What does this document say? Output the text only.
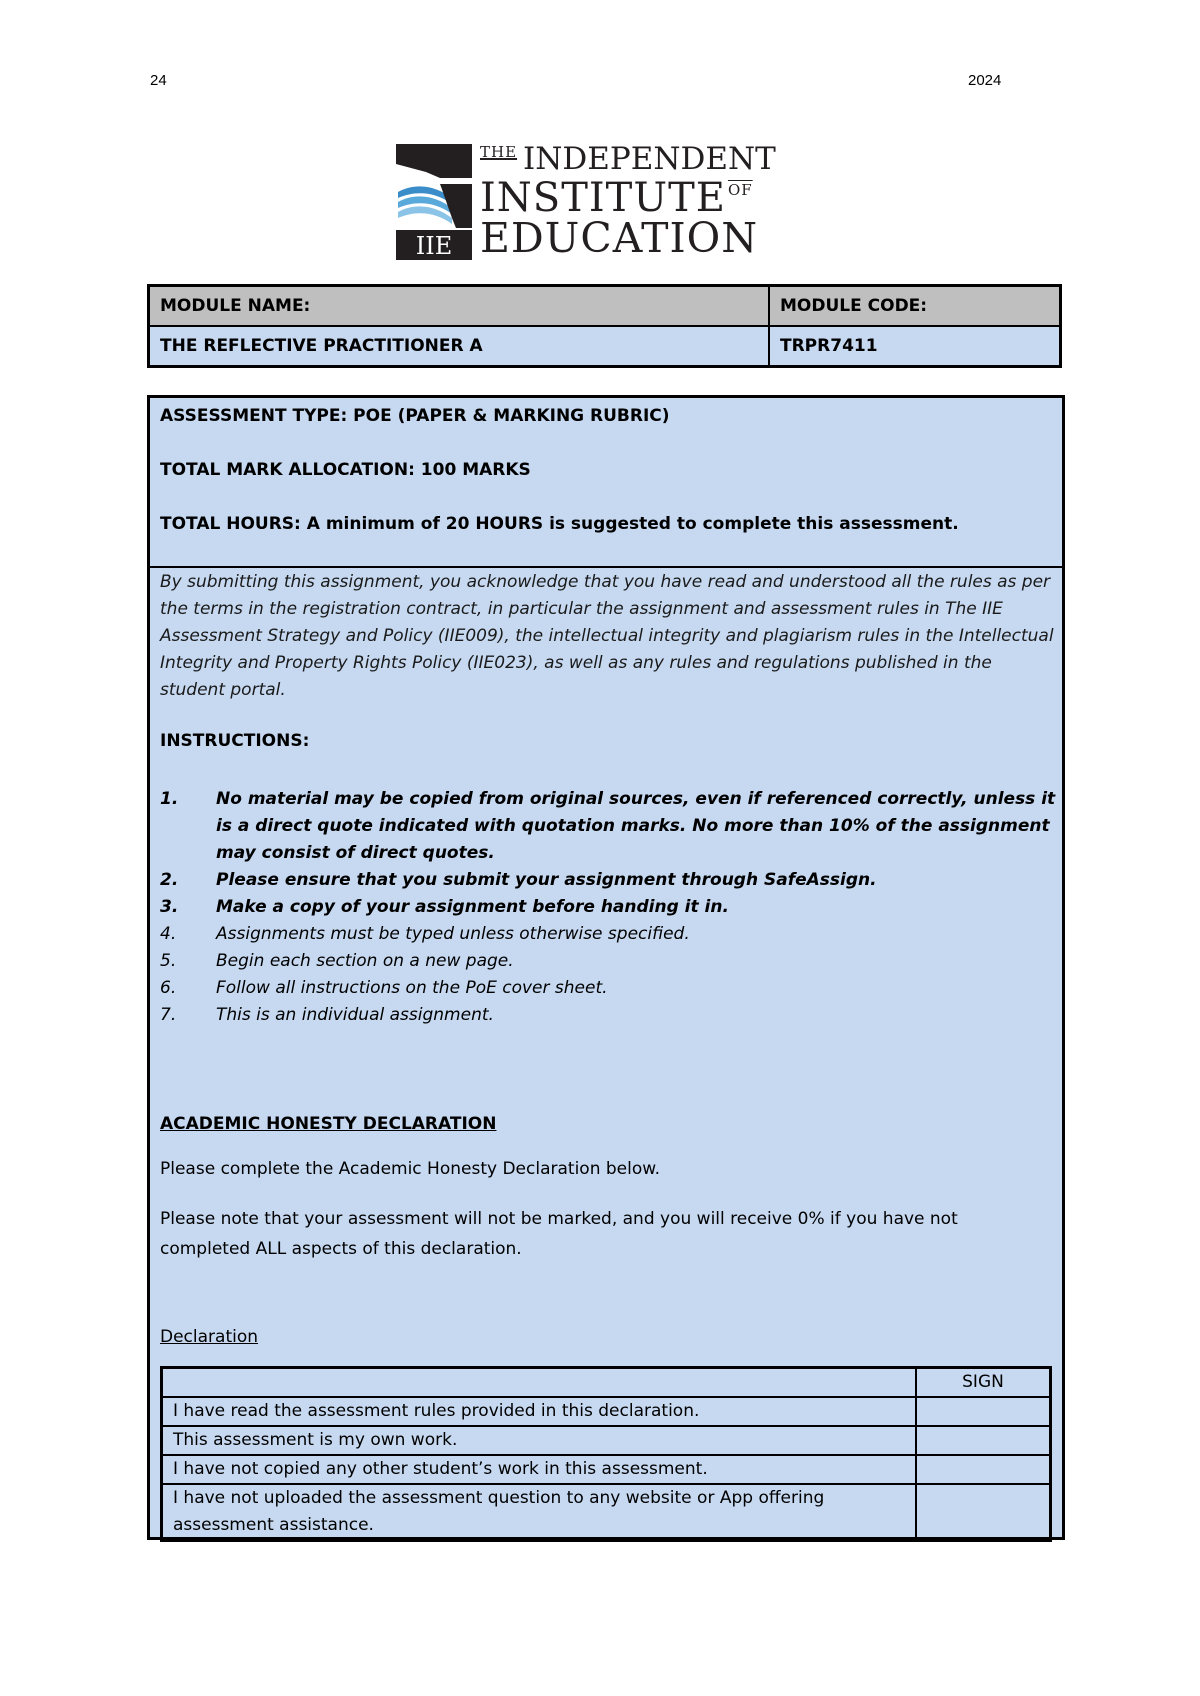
24	2024
IIE
$^{THE}$ INDEPENDENT
INSTITUTE $^{\overline{OF}}$
EDUCATION
MODULE NAME:	MODULE CODE:
THE REFLECTIVE PRACTITIONER A	TRPR7411
ASSESSMENT TYPE: POE (PAPER & MARKING RUBRIC)
TOTAL MARK ALLOCATION: 100 MARKS
TOTAL HOURS: A minimum of 20 HOURS is suggested to complete this assessment.
By submitting this assignment, you acknowledge that you have read and understood all the rules as per the terms in the registration contract, in particular the assignment and assessment rules in The IIE Assessment Strategy and Policy (IIE009), the intellectual integrity and plagiarism rules in the Intellectual Integrity and Property Rights Policy (IIE023), as well as any rules and regulations published in the student portal.
INSTRUCTIONS:
1. No material may be copied from original sources, even if referenced correctly, unless it is a direct quote indicated with quotation marks. No more than 10% of the assignment may consist of direct quotes.
2. Please ensure that you submit your assignment through SafeAssign.
3. Make a copy of your assignment before handing it in.
4. Assignments must be typed unless otherwise specified.
5. Begin each section on a new page.
6. Follow all instructions on the PoE cover sheet.
7. This is an individual assignment.
ACADEMIC HONESTY DECLARATION
Please complete the Academic Honesty Declaration below.
Please note that your assessment will not be marked, and you will receive 0% if you have not completed ALL aspects of this declaration.
Declaration
	SIGN
I have read the assessment rules provided in this declaration.	
This assessment is my own work.	
I have not copied any other student’s work in this assessment.	
I have not uploaded the assessment question to any website or App offering assessment assistance.	
